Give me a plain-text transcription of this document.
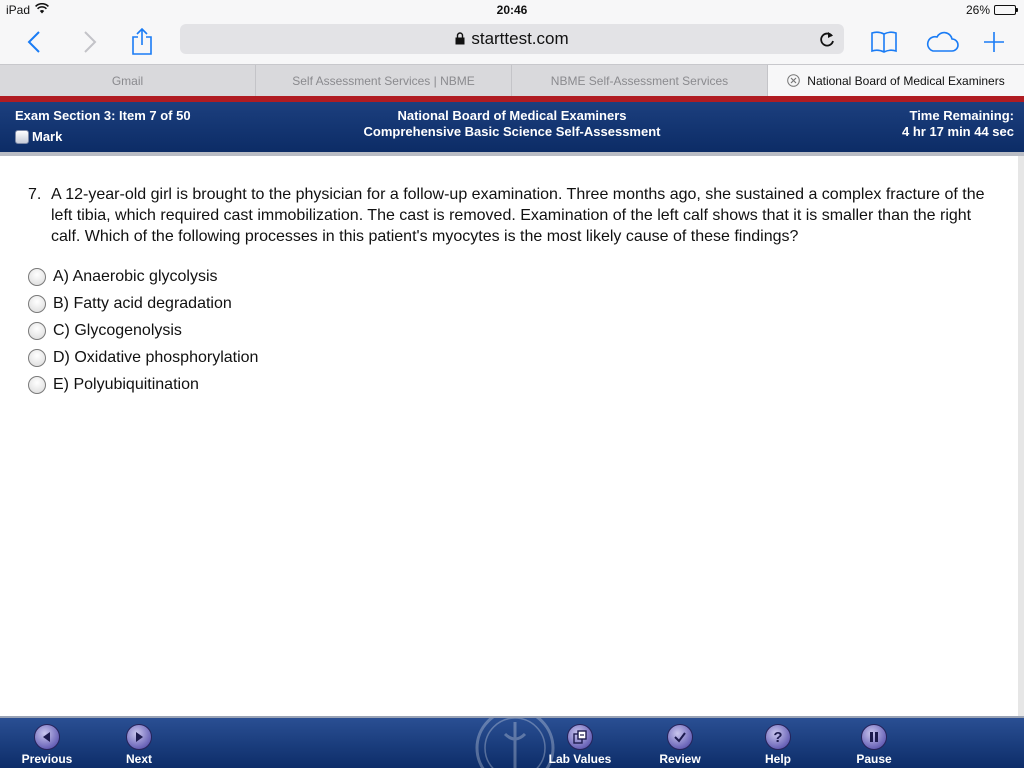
iPad	20:46	26%
starttest.com
Gmail	Self Assessment Services | NBME	NBME Self-Assessment Services	National Board of Medical Examiners
Exam Section 3: Item 7 of 50
Mark
National Board of Medical Examiners
Comprehensive Basic Science Self-Assessment
Time Remaining:
4 hr 17 min 44 sec
7. A 12-year-old girl is brought to the physician for a follow-up examination. Three months ago, she sustained a complex fracture of the left tibia, which required cast immobilization. The cast is removed. Examination of the left calf shows that it is smaller than the right calf. Which of the following processes in this patient's myocytes is the most likely cause of these findings?
A) Anaerobic glycolysis
B) Fatty acid degradation
C) Glycogenolysis
D) Oxidative phosphorylation
E) Polyubiquitination
Previous	Next	Lab Values	Review
?
Help	Pause
